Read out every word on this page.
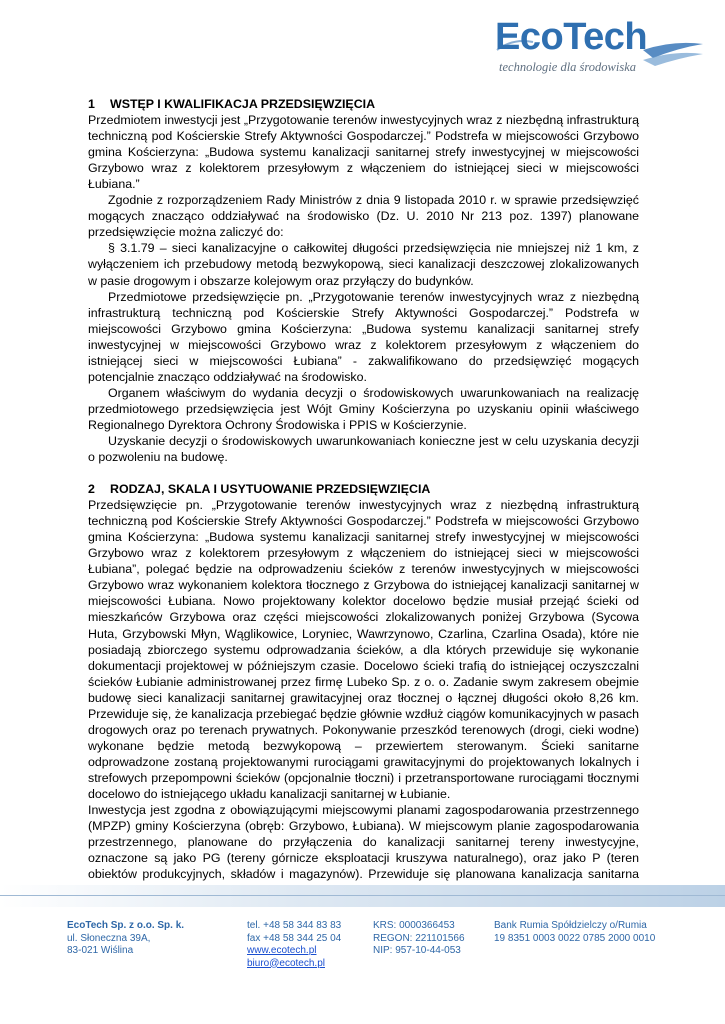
EcoTech
technologie dla środowiska
1 WSTĘP I KWALIFIKACJA PRZEDSIĘWZIĘCIA

Przedmiotem inwestycji jest „Przygotowanie terenów inwestycyjnych wraz z niezbędną infrastrukturą techniczną pod Kościerskie Strefy Aktywności Gospodarczej.” Podstrefa w miejscowości Grzybowo gmina Kościerzyna: „Budowa systemu kanalizacji sanitarnej strefy inwestycyjnej w miejscowości Grzybowo wraz z kolektorem przesyłowym z włączeniem do istniejącej sieci w miejscowości Łubiana.”

Zgodnie z rozporządzeniem Rady Ministrów z dnia 9 listopada 2010 r. w sprawie przedsięwzięć mogących znacząco oddziaływać na środowisko (Dz. U. 2010 Nr 213 poz. 1397) planowane przedsięwzięcie można zaliczyć do:

§ 3.1.79 – sieci kanalizacyjne o całkowitej długości przedsięwzięcia nie mniejszej niż 1 km, z wyłączeniem ich przebudowy metodą bezwykopową, sieci kanalizacji deszczowej zlokalizowanych w pasie drogowym i obszarze kolejowym oraz przyłączy do budynków.

Przedmiotowe przedsięwzięcie pn. „Przygotowanie terenów inwestycyjnych wraz z niezbędną infrastrukturą techniczną pod Kościerskie Strefy Aktywności Gospodarczej.” Podstrefa w miejscowości Grzybowo gmina Kościerzyna: „Budowa systemu kanalizacji sanitarnej strefy inwestycyjnej w miejscowości Grzybowo wraz z kolektorem przesyłowym z włączeniem do istniejącej sieci w miejscowości Łubiana” - zakwalifikowano do przedsięwzięć mogących potencjalnie znacząco oddziaływać na środowisko.

Organem właściwym do wydania decyzji o środowiskowych uwarunkowaniach na realizację przedmiotowego przedsięwzięcia jest Wójt Gminy Kościerzyna po uzyskaniu opinii właściwego Regionalnego Dyrektora Ochrony Środowiska i PPIS w Kościerzynie.

Uzyskanie decyzji o środowiskowych uwarunkowaniach konieczne jest w celu uzyskania decyzji o pozwoleniu na budowę.

2 RODZAJ, SKALA I USYTUOWANIE PRZEDSIĘWZIĘCIA

Przedsięwzięcie pn. „Przygotowanie terenów inwestycyjnych wraz z niezbędną infrastrukturą techniczną pod Kościerskie Strefy Aktywności Gospodarczej.” Podstrefa w miejscowości Grzybowo gmina Kościerzyna: „Budowa systemu kanalizacji sanitarnej strefy inwestycyjnej w miejscowości Grzybowo wraz z kolektorem przesyłowym z włączeniem do istniejącej sieci w miejscowości Łubiana”, polegać będzie na odprowadzeniu ścieków z terenów inwestycyjnych w miejscowości Grzybowo wraz wykonaniem kolektora tłocznego z Grzybowa do istniejącej kanalizacji sanitarnej w miejscowości Łubiana. Nowo projektowany kolektor docelowo będzie musiał przejąć ścieki od mieszkańców Grzybowa oraz części miejscowości zlokalizowanych poniżej Grzybowa (Sycowa Huta, Grzybowski Młyn, Wąglikowice, Loryniec, Wawrzynowo, Czarlina, Czarlina Osada), które nie posiadają zbiorczego systemu odprowadzania ścieków, a dla których przewiduje się wykonanie dokumentacji projektowej w późniejszym czasie. Docelowo ścieki trafią do istniejącej oczyszczalni ścieków Łubianie administrowanej przez firmę Lubeko Sp. z o. o. Zadanie swym zakresem obejmie budowę sieci kanalizacji sanitarnej grawitacyjnej oraz tłocznej o łącznej długości około 8,26 km. Przewiduje się, że kanalizacja przebiegać będzie głównie wzdłuż ciągów komunikacyjnych w pasach drogowych oraz po terenach prywatnych. Pokonywanie przeszkód terenowych (drogi, cieki wodne) wykonane będzie metodą bezwykopową – przewiertem sterowanym. Ścieki sanitarne odprowadzone zostaną projektowanymi rurociągami grawitacyjnymi do projektowanych lokalnych i strefowych przepompowni ścieków (opcjonalnie tłoczni) i przetransportowane rurociągami tłocznymi docelowo do istniejącego układu kanalizacji sanitarnej w Łubianie.

Inwestycja jest zgodna z obowiązującymi miejscowymi planami zagospodarowania przestrzennego (MPZP) gminy Kościerzyna (obręb: Grzybowo, Łubiana). W miejscowym planie zagospodarowania przestrzennego, planowane do przyłączenia do kanalizacji sanitarnej tereny inwestycyjne, oznaczone są jako PG (tereny górnicze eksploatacji kruszywa naturalnego), oraz jako P (teren obiektów produkcyjnych, składów i magazynów). Przewiduje się planowana kanalizacja sanitarna

EcoTech Sp. z o.o. Sp. k.
ul. Słoneczna 39A,
83-021 Wiślina
tel. +48 58 344 83 83
fax +48 58 344 25 04
www.ecotech.pl
biuro@ecotech.pl
KRS: 0000366453
REGON: 221101566
NIP: 957-10-44-053
Bank Rumia Spółdzielczy o/Rumia
19 8351 0003 0022 0785 2000 0010
